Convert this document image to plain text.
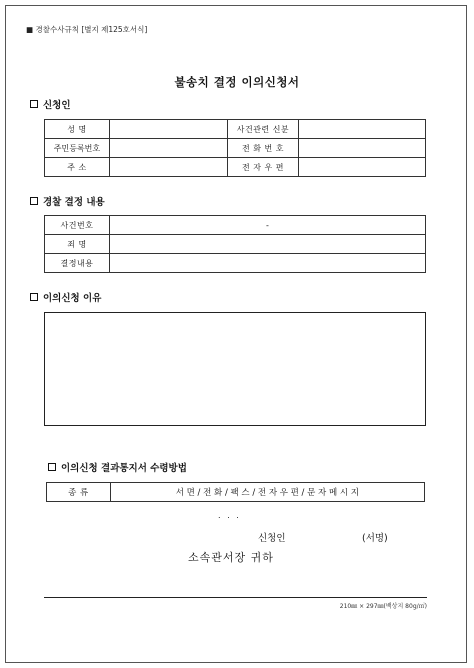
■ 경찰수사규칙 [별지 제125호서식]
불송치 결정 이의신청서
신청인
성 명		사건관련 신분	
주민등록번호		전 화 번 호	
주 소		전 자 우 편	
경찰 결정 내용
사건번호	-
죄 명	
결정내용	
이의신청 이유
이의신청 결과통지서 수령방법
종 류	서 면 / 전 화 / 팩 스 / 전 자 우 편 / 문 자 메 시 지
. . .
신청인	(서명)
소속관서장 귀하
210㎜ × 297㎜(백상지 80g/㎡)
